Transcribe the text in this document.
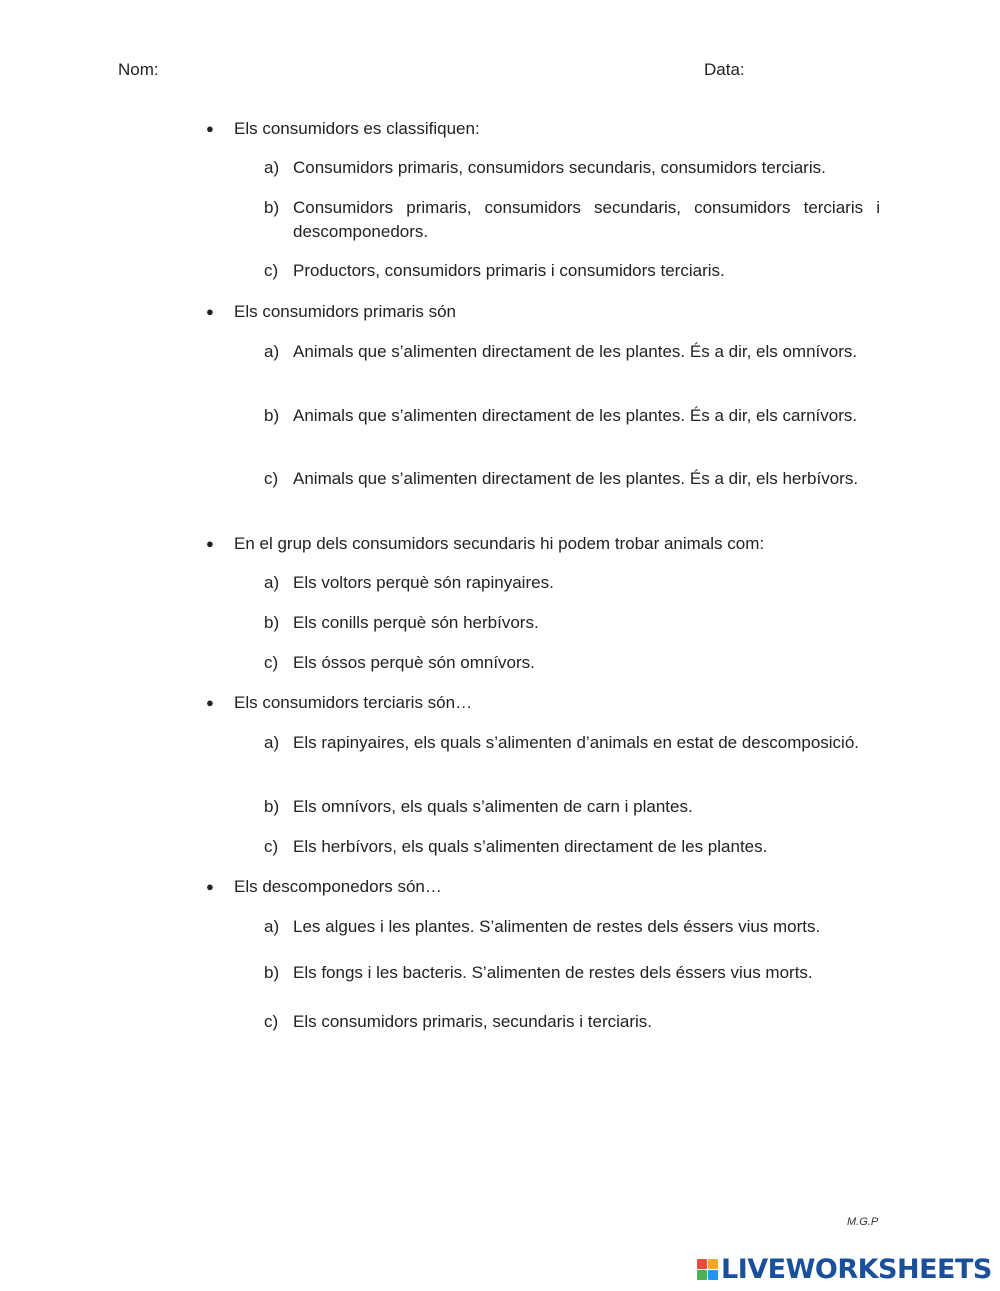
Nom:	Data:
● Els consumidors es classifiquen:
a) Consumidors primaris, consumidors secundaris, consumidors terciaris.
b) Consumidors primaris, consumidors secundaris, consumidors terciaris i descomponedors.
c) Productors, consumidors primaris i consumidors terciaris.
● Els consumidors primaris són
a) Animals que s’alimenten directament de les plantes. És a dir, els omnívors.
b) Animals que s’alimenten directament de les plantes. És a dir, els carnívors.
c) Animals que s’alimenten directament de les plantes. És a dir, els herbívors.
● En el grup dels consumidors secundaris hi podem trobar animals com:
a) Els voltors perquè són rapinyaires.
b) Els conills perquè són herbívors.
c) Els óssos perquè són omnívors.
● Els consumidors terciaris són…
a) Els rapinyaires, els quals s’alimenten d’animals en estat de descomposició.
b) Els omnívors, els quals s’alimenten de carn i plantes.
c) Els herbívors, els quals s’alimenten directament de les plantes.
● Els descomponedors són…
a) Les algues i les plantes. S’alimenten de restes dels éssers vius morts.
b) Els fongs i les bacteris. S’alimenten de restes dels éssers vius morts.
c) Els consumidors primaris, secundaris i terciaris.
M.G.P
LIVEWORKSHEETS
